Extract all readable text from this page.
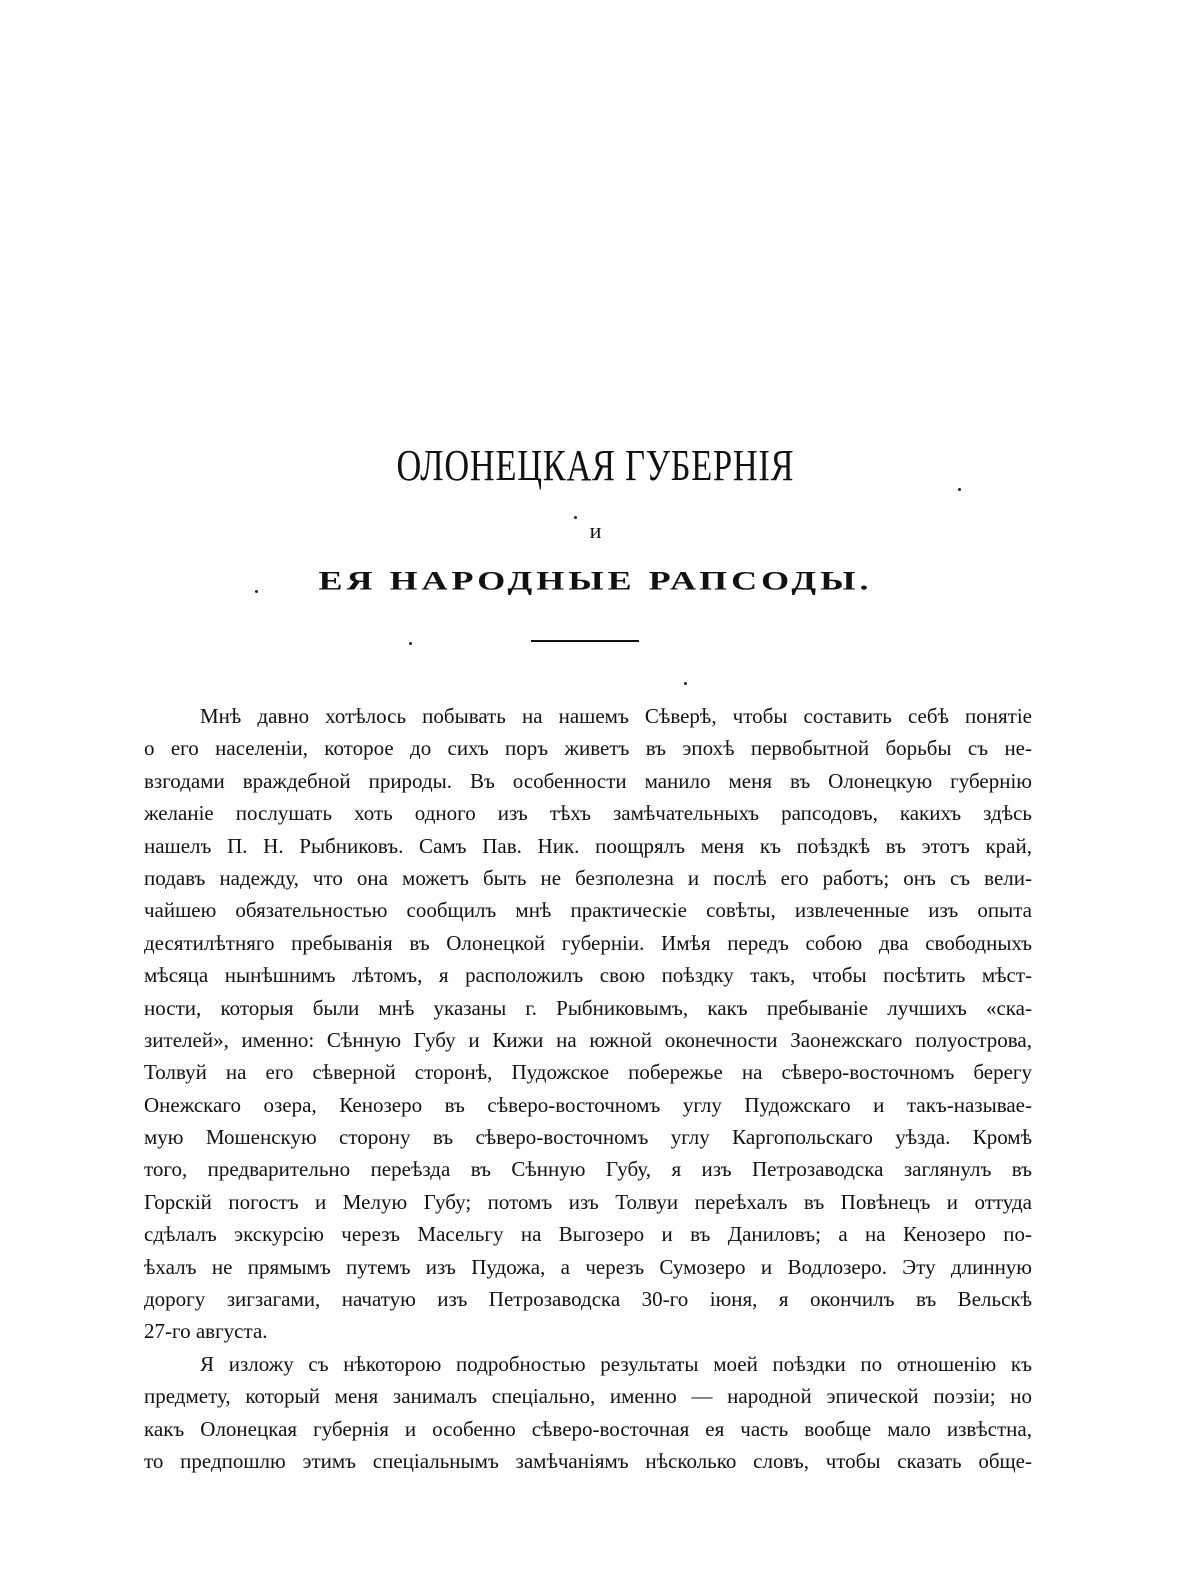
ОЛОНЕЦКАЯ ГУБЕРНІЯ
и
ЕЯ НАРОДНЫЕ РАПСОДЫ.
Мнѣ давно хотѣлось побывать на нашемъ Сѣверѣ, чтобы составить себѣ понятіе
о его населеніи, которое до сихъ поръ живетъ въ эпохѣ первобытной борьбы съ не-
взгодами враждебной природы. Въ особенности манило меня въ Олонецкую губернію
желаніе послушать хоть одного изъ тѣхъ замѣчательныхъ рапсодовъ, какихъ здѣсь
нашелъ П. Н. Рыбниковъ. Самъ Пав. Ник. поощрялъ меня къ поѣздкѣ въ этотъ край,
подавъ надежду, что она можетъ быть не безполезна и послѣ его работъ; онъ съ вели-
чайшею обязательностью сообщилъ мнѣ практическіе совѣты, извлеченные изъ опыта
десятилѣтняго пребыванія въ Олонецкой губерніи. Имѣя передъ собою два свободныхъ
мѣсяца нынѣшнимъ лѣтомъ, я расположилъ свою поѣздку такъ, чтобы посѣтить мѣст-
ности, которыя были мнѣ указаны г. Рыбниковымъ, какъ пребываніе лучшихъ «ска-
зителей», именно: Сѣнную Губу и Кижи на южной оконечности Заонежскаго полуострова,
Толвуй на его сѣверной сторонѣ, Пудожское побережье на сѣверо-восточномъ берегу
Онежскаго озера, Кенозеро въ сѣверо-восточномъ углу Пудожскаго и такъ-называе-
мую Мошенскую сторону въ сѣверо-восточномъ углу Каргопольскаго уѣзда. Кромѣ
того, предварительно переѣзда въ Сѣнную Губу, я изъ Петрозаводска заглянулъ въ
Горскій погостъ и Мелую Губу; потомъ изъ Толвуи переѣхалъ въ Повѣнецъ и оттуда
сдѣлалъ экскурсію черезъ Масельгу на Выгозеро и въ Даниловъ; а на Кенозеро по-
ѣхалъ не прямымъ путемъ изъ Пудожа, а черезъ Сумозеро и Водлозеро. Эту длинную
дорогу зигзагами, начатую изъ Петрозаводска 30-го іюня, я окончилъ въ Вельскѣ
27-го августа.
Я изложу съ нѣкоторою подробностью результаты моей поѣздки по отношенію къ
предмету, который меня занималъ спеціально, именно — народной эпической поэзіи; но
какъ Олонецкая губернія и особенно сѣверо-восточная ея часть вообще мало извѣстна,
то предпошлю этимъ спеціальнымъ замѣчаніямъ нѣсколько словъ, чтобы сказать обще-
